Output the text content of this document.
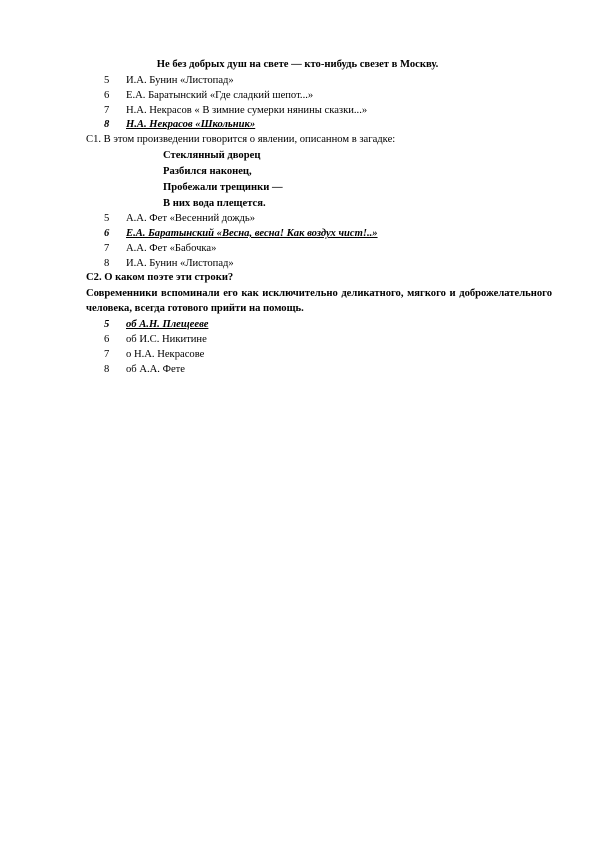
Не без добрых душ на свете — кто-нибудь свезет в Москву.
5 И.А. Бунин «Листопад»
6 Е.А. Баратынский «Где сладкий шепот...»
7 Н.А. Некрасов « В зимние сумерки нянины сказки...»
8 Н.А. Некрасов «Школьник»
С1. В этом произведении говорится о явлении, описанном в загадке:
Стеклянный дворец
Разбился наконец,
Пробежали трещинки —
В них вода плещется.
5 А.А. Фет «Весенний дождь»
6 Е.А. Баратынский «Весна, весна! Как воздух чист!..»
7 А.А. Фет «Бабочка»
8 И.А. Бунин «Листопад»
С2. О каком поэте эти строки?
Современники вспоминали его как исключительно деликатного, мягкого и доброжелательного человека, всегда готового прийти на помощь.
5 об А.Н. Плещееве
6 об И.С. Никитине
7 о Н.А. Некрасове
8 об А.А. Фете
